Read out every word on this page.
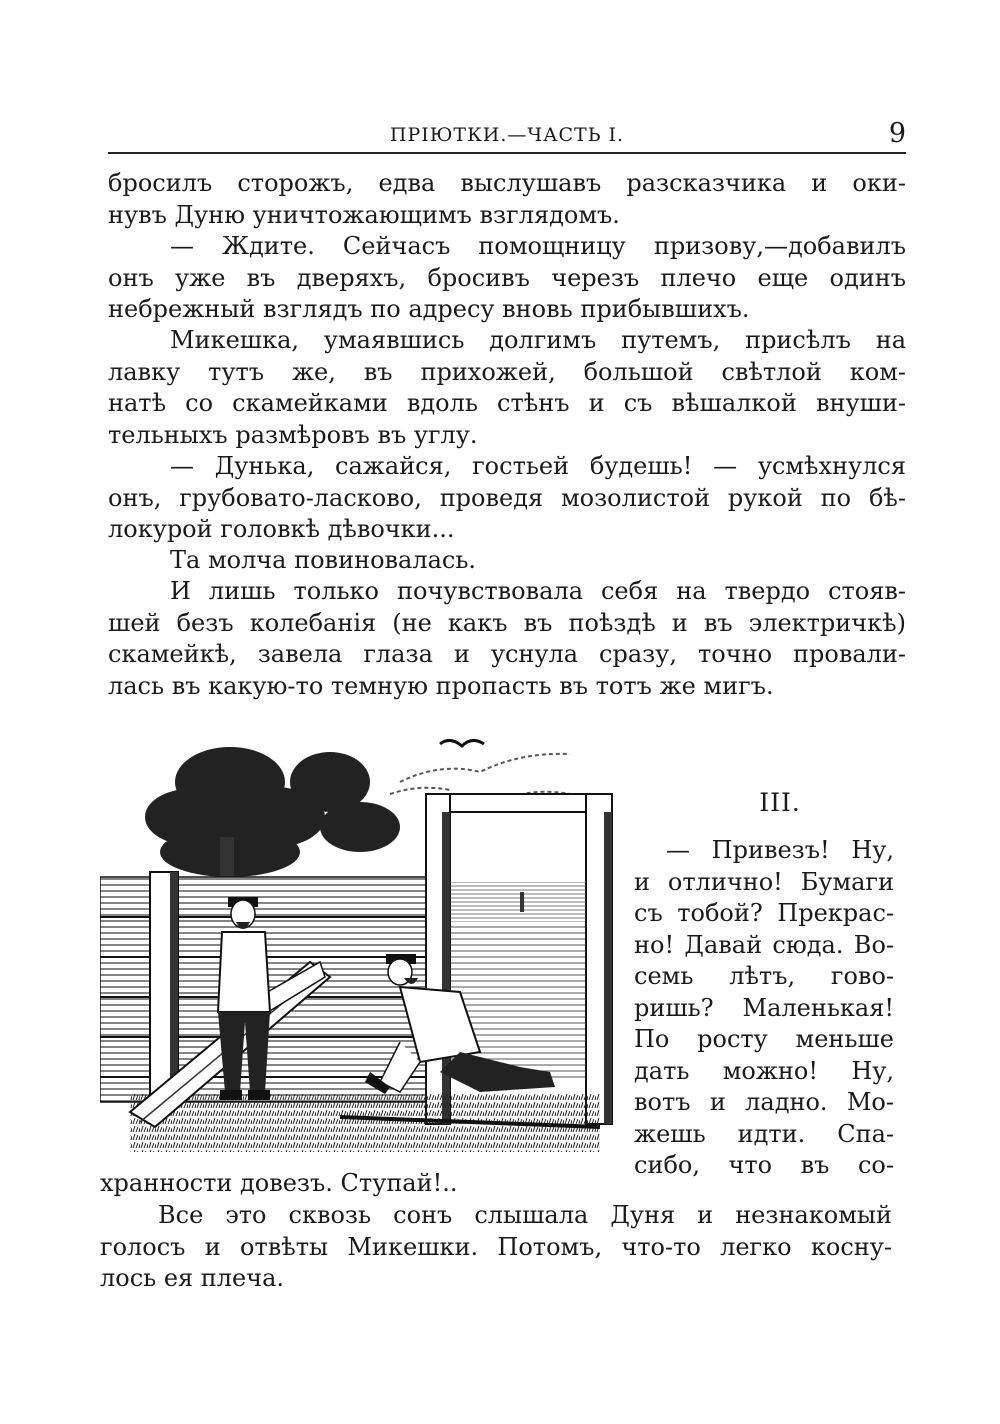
ПРІЮТКИ.—ЧАСТЬ I.	9

бросилъ сторожъ, едва выслушавъ разсказчика и оки-
нувъ Дуню уничтожающимъ взглядомъ.

— Ждите. Сейчасъ помощницу призову,—добавилъ
онъ уже въ дверяхъ, бросивъ черезъ плечо еще одинъ
небрежный взглядъ по адресу вновь прибывшихъ.

Микешка, умаявшись долгимъ путемъ, присѣлъ на
лавку тутъ же, въ прихожей, большой свѣтлой ком-
натѣ со скамейками вдоль стѣнъ и съ вѣшалкой внуши-
тельныхъ размѣровъ въ углу.

— Дунька, сажайся, гостьей будешь! — усмѣхнулся
онъ, грубовато-ласково, проведя мозолистой рукой по бѣ-
локурой головкѣ дѣвочки...

Та молча повиновалась.

И лишь только почувствовала себя на твердо стояв-
шей безъ колебанія (не какъ въ поѣздѣ и въ электричкѣ)
скамейкѣ, завела глаза и уснула сразу, точно провали-
лась въ какую-то темную пропасть въ тотъ же мигъ.

III.

— Привезъ! Ну,
и отлично! Бумаги
съ тобой? Прекрас-
но! Давай сюда. Во-
семь лѣтъ, гово-
ришь? Маленькая!
По росту меньше
дать можно! Ну,
вотъ и ладно. Мо-
жешь идти. Спа-
сибо, что въ со-

хранности довезъ. Ступай!..

Все это сквозь сонъ слышала Дуня и незнакомый
голосъ и отвѣты Микешки. Потомъ, что-то легко косну-
лось ея плеча.
